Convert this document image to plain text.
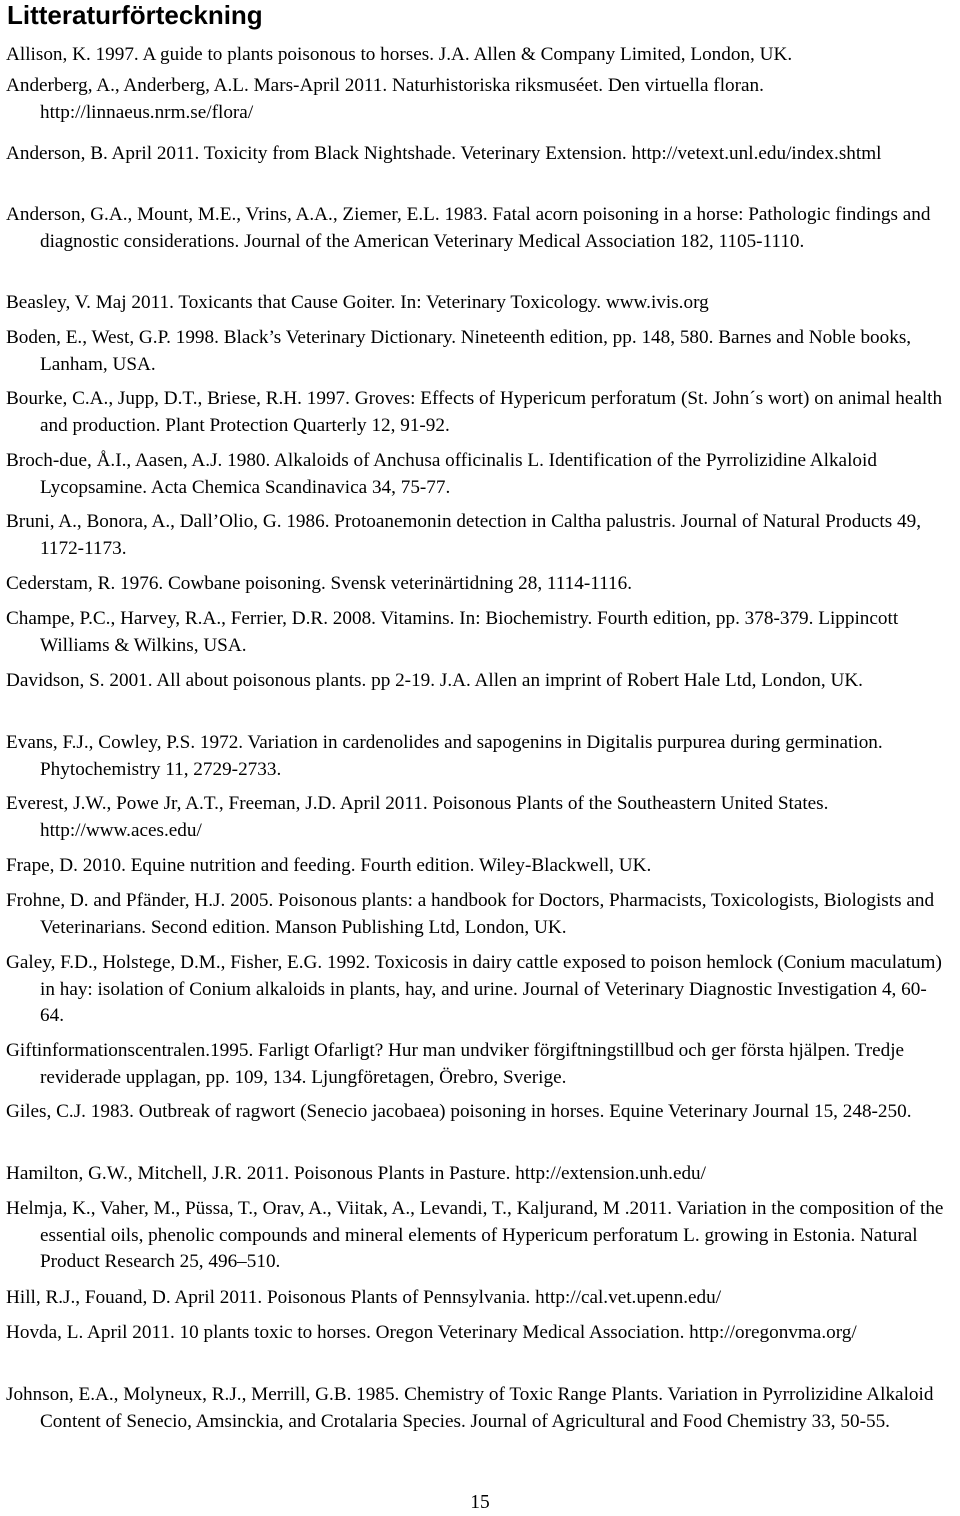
Litteraturförteckning
Allison, K. 1997. A guide to plants poisonous to horses. J.A. Allen & Company Limited, London, UK.
Anderberg, A., Anderberg, A.L. Mars-April 2011. Naturhistoriska riksmuséet. Den virtuella floran. http://linnaeus.nrm.se/flora/
Anderson, B. April 2011. Toxicity from Black Nightshade. Veterinary Extension. http://vetext.unl.edu/index.shtml
Anderson, G.A., Mount, M.E., Vrins, A.A., Ziemer, E.L. 1983. Fatal acorn poisoning in a horse: Pathologic findings and diagnostic considerations. Journal of the American Veterinary Medical Association 182, 1105-1110.
Beasley, V. Maj 2011. Toxicants that Cause Goiter. In: Veterinary Toxicology. www.ivis.org
Boden, E., West, G.P. 1998. Black’s Veterinary Dictionary. Nineteenth edition, pp. 148, 580. Barnes and Noble books, Lanham, USA.
Bourke, C.A., Jupp, D.T., Briese, R.H. 1997. Groves: Effects of Hypericum perforatum (St. John´s wort) on animal health and production. Plant Protection Quarterly 12, 91-92.
Broch-due, Å.I., Aasen, A.J. 1980. Alkaloids of Anchusa officinalis L. Identification of the Pyrrolizidine Alkaloid Lycopsamine. Acta Chemica Scandinavica 34, 75-77.
Bruni, A., Bonora, A., Dall’Olio, G. 1986. Protoanemonin detection in Caltha palustris. Journal of Natural Products 49, 1172-1173.
Cederstam, R. 1976. Cowbane poisoning. Svensk veterinärtidning 28, 1114-1116.
Champe, P.C., Harvey, R.A., Ferrier, D.R. 2008. Vitamins. In: Biochemistry. Fourth edition, pp. 378-379. Lippincott Williams & Wilkins, USA.
Davidson, S. 2001. All about poisonous plants. pp 2-19. J.A. Allen an imprint of Robert Hale Ltd, London, UK.
Evans, F.J., Cowley, P.S. 1972. Variation in cardenolides and sapogenins in Digitalis purpurea during germination. Phytochemistry 11, 2729-2733.
Everest, J.W., Powe Jr, A.T., Freeman, J.D. April 2011. Poisonous Plants of the Southeastern United States. http://www.aces.edu/
Frape, D. 2010. Equine nutrition and feeding. Fourth edition. Wiley-Blackwell, UK.
Frohne, D. and Pfänder, H.J. 2005. Poisonous plants: a handbook for Doctors, Pharmacists, Toxicologists, Biologists and Veterinarians. Second edition. Manson Publishing Ltd, London, UK.
Galey, F.D., Holstege, D.M., Fisher, E.G. 1992. Toxicosis in dairy cattle exposed to poison hemlock (Conium maculatum) in hay: isolation of Conium alkaloids in plants, hay, and urine. Journal of Veterinary Diagnostic Investigation 4, 60-64.
Giftinformationscentralen.1995. Farligt Ofarligt? Hur man undviker förgiftningstillbud och ger första hjälpen. Tredje reviderade upplagan, pp. 109, 134. Ljungföretagen, Örebro, Sverige.
Giles, C.J. 1983. Outbreak of ragwort (Senecio jacobaea) poisoning in horses. Equine Veterinary Journal 15, 248-250.
Hamilton, G.W., Mitchell, J.R. 2011. Poisonous Plants in Pasture. http://extension.unh.edu/
Helmja, K., Vaher, M., Püssa, T., Orav, A., Viitak, A., Levandi, T., Kaljurand, M .2011. Variation in the composition of the essential oils, phenolic compounds and mineral elements of Hypericum perforatum L. growing in Estonia. Natural Product Research 25, 496–510.
Hill, R.J., Fouand, D. April 2011. Poisonous Plants of Pennsylvania. http://cal.vet.upenn.edu/
Hovda, L. April 2011. 10 plants toxic to horses. Oregon Veterinary Medical Association. http://oregonvma.org/
Johnson, E.A., Molyneux, R.J., Merrill, G.B. 1985. Chemistry of Toxic Range Plants. Variation in Pyrrolizidine Alkaloid Content of Senecio, Amsinckia, and Crotalaria Species. Journal of Agricultural and Food Chemistry 33, 50-55.
15
